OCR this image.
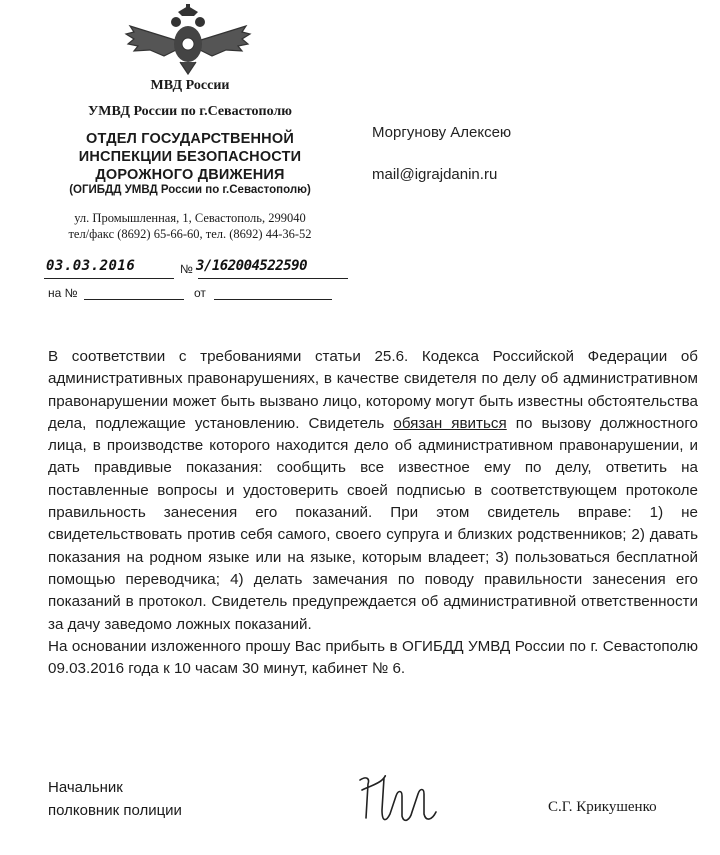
МВД России
УМВД России по г.Севастополю
ОТДЕЛ ГОСУДАРСТВЕННОЙ
ИНСПЕКЦИИ БЕЗОПАСНОСТИ
ДОРОЖНОГО ДВИЖЕНИЯ
(ОГИБДД УМВД России по г.Севастополю)
ул. Промышленная, 1, Севастополь, 299040
тел/факс (8692) 65-66-60, тел. (8692) 44-36-52
Моргунову Алексею
mail@igrajdanin.ru
03.03.2016	№ 3/162004522590
на №	от

В соответствии с требованиями статьи 25.6. Кодекса Российской Федерации об административных правонарушениях, в качестве свидетеля по делу об административном правонарушении может быть вызвано лицо, которому могут быть известны обстоятельства дела, подлежащие установлению. Свидетель обязан явиться по вызову должностного лица, в производстве которого находится дело об административном правонарушении, и дать правдивые показания: сообщить все известное ему по делу, ответить на поставленные вопросы и удостоверить своей подписью в соответствующем протоколе правильность занесения его показаний. При этом свидетель вправе: 1) не свидетельствовать против себя самого, своего супруга и близких родственников; 2) давать показания на родном языке или на языке, которым владеет; 3) пользоваться бесплатной помощью переводчика; 4) делать замечания по поводу правильности занесения его показаний в протокол. Свидетель предупреждается об административной ответственности за дачу заведомо ложных показаний.

На основании изложенного прошу Вас прибыть в ОГИБДД УМВД России по г. Севастополю 09.03.2016 года к 10 часам 30 минут, кабинет № 6.

Начальник
полковник полиции	С.Г. Крикушенко
